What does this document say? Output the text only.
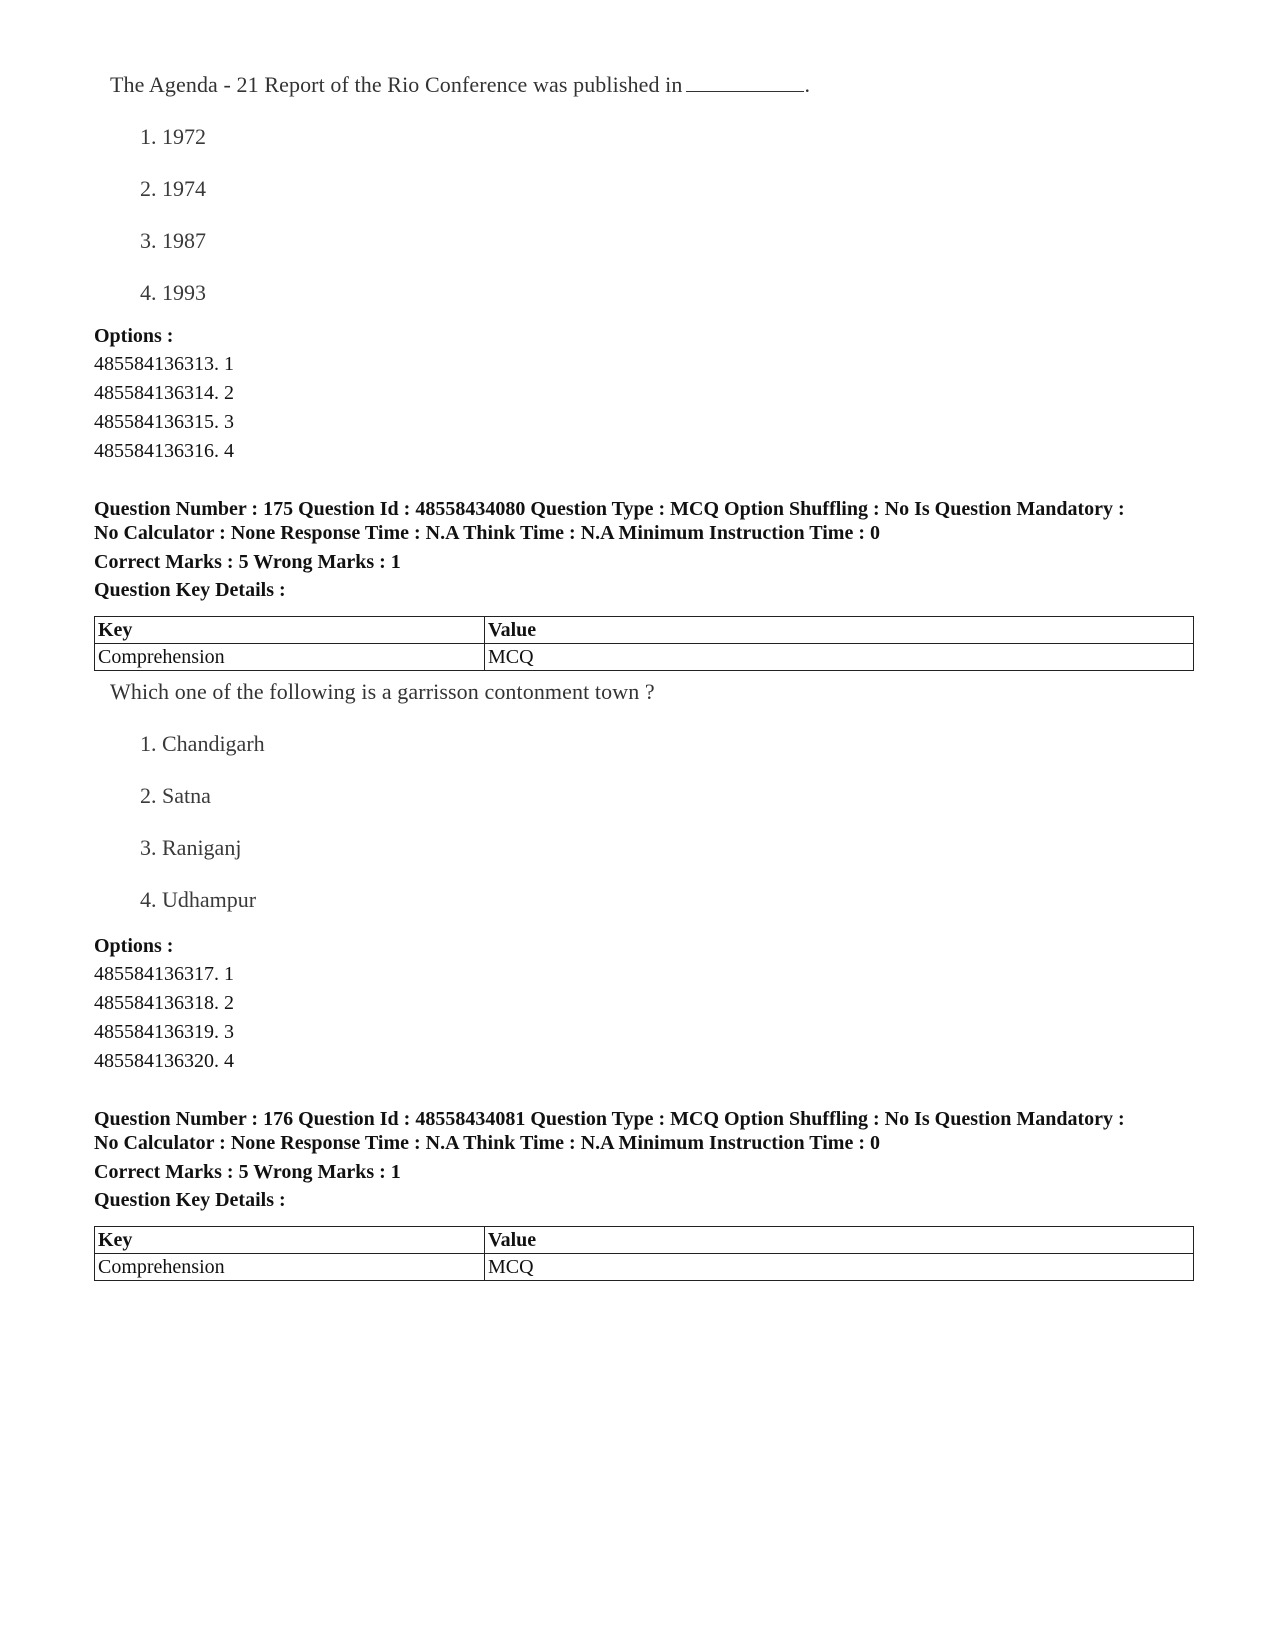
The Agenda - 21 Report of the Rio Conference was published in	.
1. 1972
2. 1974
3. 1987
4. 1993
Options :
485584136313. 1
485584136314. 2
485584136315. 3
485584136316. 4
Question Number : 175 Question Id : 48558434080 Question Type : MCQ Option Shuffling : No Is Question Mandatory :
No Calculator : None Response Time : N.A Think Time : N.A Minimum Instruction Time : 0
Correct Marks : 5 Wrong Marks : 1
Question Key Details :
Key	Value
Comprehension	MCQ
Which one of the following is a garrisson contonment town ?
1. Chandigarh
2. Satna
3. Raniganj
4. Udhampur
Options :
485584136317. 1
485584136318. 2
485584136319. 3
485584136320. 4
Question Number : 176 Question Id : 48558434081 Question Type : MCQ Option Shuffling : No Is Question Mandatory :
No Calculator : None Response Time : N.A Think Time : N.A Minimum Instruction Time : 0
Correct Marks : 5 Wrong Marks : 1
Question Key Details :
Key	Value
Comprehension	MCQ
